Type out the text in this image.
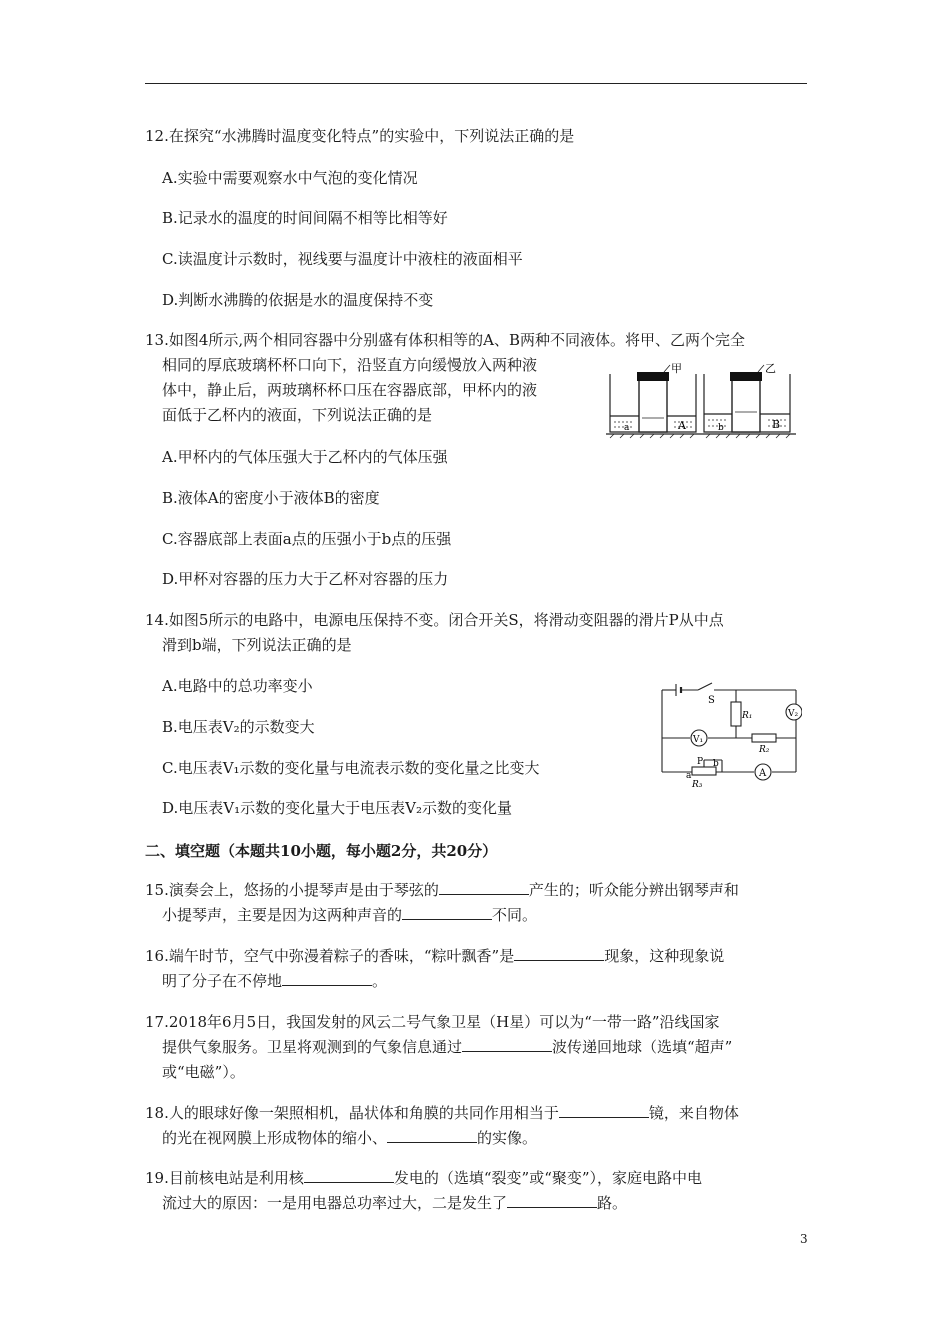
12.在探究“水沸腾时温度变化特点”的实验中，下列说法正确的是
A.实验中需要观察水中气泡的变化情况
B.记录水的温度的时间间隔不相等比相等好
C.读温度计示数时，视线要与温度计中液柱的液面相平
D.判断水沸腾的依据是水的温度保持不变
13.如图4所示,两个相同容器中分别盛有体积相等的A、B两种不同液体。将甲、乙两个完全
相同的厚底玻璃杯杯口向下，沿竖直方向缓慢放入两种液
体中，静止后，两玻璃杯杯口压在容器底部，甲杯内的液
面低于乙杯内的液面，下列说法正确的是
甲	乙
A	B
a	b
A.甲杯内的气体压强大于乙杯内的气体压强
B.液体A的密度小于液体B的密度
C.容器底部上表面a点的压强小于b点的压强
D.甲杯对容器的压力大于乙杯对容器的压力
14.如图5所示的电路中，电源电压保持不变。闭合开关S，将滑动变阻器的滑片P从中点
滑到b端，下列说法正确的是
A.电路中的总功率变小
B.电压表V₂的示数变大
C.电压表V₁示数的变化量与电流表示数的变化量之比变大
D.电压表V₁示数的变化量大于电压表V₂示数的变化量
S
R₁
R₂
R₃
V₁
V₂
A
P
a
b
二、填空题（本题共10小题，每小题2分，共20分）
15.演奏会上，悠扬的小提琴声是由于琴弦的	产生的；听众能分辨出钢琴声和
小提琴声，主要是因为这两种声音的	不同。
16.端午时节，空气中弥漫着粽子的香味，“粽叶飘香”是	现象，这种现象说
明了分子在不停地	。
17.2018年6月5日，我国发射的风云二号气象卫星（H星）可以为“一带一路”沿线国家
提供气象服务。卫星将观测到的气象信息通过	波传递回地球（选填“超声”
或“电磁”）。
18.人的眼球好像一架照相机，晶状体和角膜的共同作用相当于	镜，来自物体
的光在视网膜上形成物体的缩小、	的实像。
19.目前核电站是利用核	发电的（选填“裂变”或“聚变”），家庭电路中电
流过大的原因：一是用电器总功率过大，二是发生了	路。
3
